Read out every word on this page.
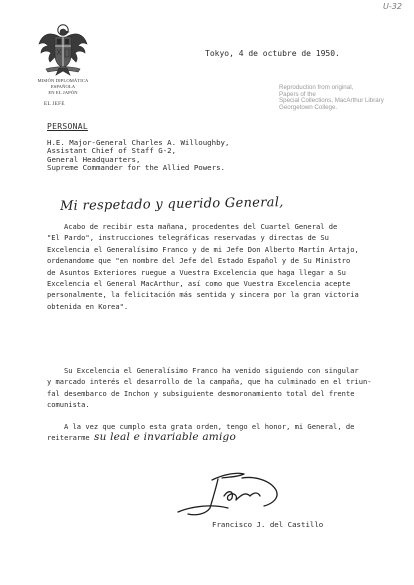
U-32
MISIÓN DIPLOMÁTICA ESPAÑOLA
EN EL JAPÓN
EL JEFE
Tokyo, 4 de octubre de 1950.
Reproduction from original,
Papers of the
Special Collections, MacArthur Library
Georgetown College.
PERSONAL
H.E. Major-General Charles A. Willoughby,
Assistant Chief of Staff G-2,
General Headquarters,
Supreme Commander for the Allied Powers.
Mi respetado y querido General,
Acabo de recibir esta mañana, procedentes del Cuartel General de
"El Pardo", instrucciones telegráficas reservadas y directas de Su
Excelencia el Generalísimo Franco y de mi Jefe Don Alberto Martín Artajo,
ordenandome que "en nombre del Jefe del Estado Español y de Su Ministro
de Asuntos Exteriores ruegue a Vuestra Excelencia que haga llegar a Su
Excelencia el General MacArthur, así como que Vuestra Excelencia acepte
personalmente, la felicitación más sentida y sincera por la gran victoria
obtenida en Korea".
Su Excelencia el Generalísimo Franco ha venido siguiendo con singular
y marcado interés el desarrollo de la campaña, que ha culminado en el triun-
fal desembarco de Inchon y subsiguiente desmoronamiento total del frente
comunista.
A la vez que cumplo esta grata orden, tengo el honor, mi General, de
reiterarme su leal e invariable amigo
Francisco J. del Castillo
